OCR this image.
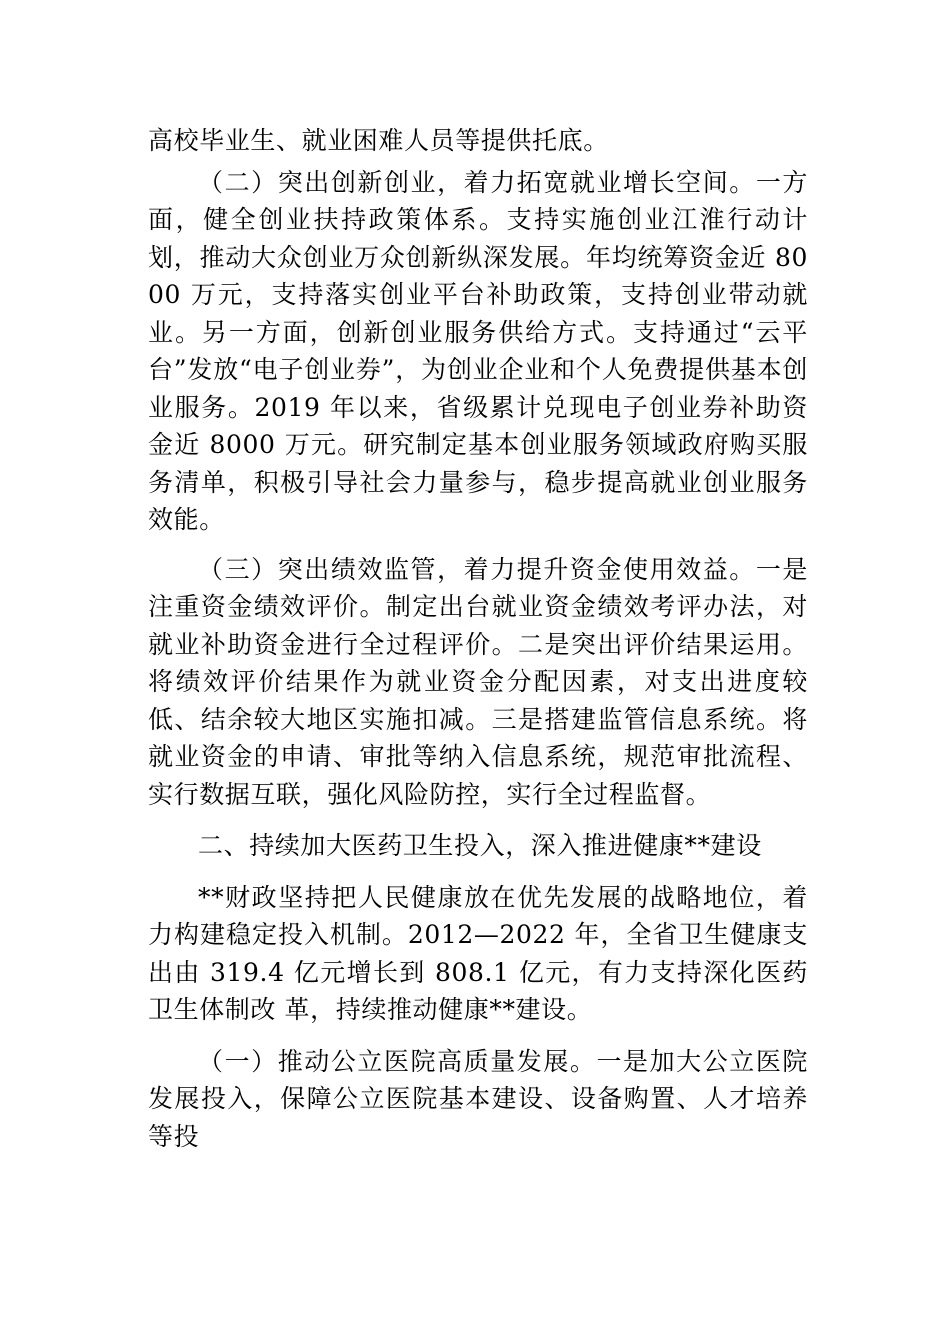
高校毕业生、就业困难人员等提供托底。

（二）突出创新创业，着力拓宽就业增长空间。一方面，健全创业扶持政策体系。支持实施创业江淮行动计划，推动大众创业万众创新纵深发展。年均统筹资金近 8000 万元，支持落实创业平台补助政策，支持创业带动就业。另一方面，创新创业服务供给方式。支持通过“云平台”发放“电子创业券”，为创业企业和个人免费提供基本创业服务。2019 年以来，省级累计兑现电子创业券补助资金近 8000 万元。研究制定基本创业服务领域政府购买服务清单，积极引导社会力量参与，稳步提高就业创业服务效能。

（三）突出绩效监管，着力提升资金使用效益。一是注重资金绩效评价。制定出台就业资金绩效考评办法，对就业补助资金进行全过程评价。二是突出评价结果运用。将绩效评价结果作为就业资金分配因素，对支出进度较低、结余较大地区实施扣减。三是搭建监管信息系统。将就业资金的申请、审批等纳入信息系统，规范审批流程、实行数据互联，强化风险防控，实行全过程监督。

二、持续加大医药卫生投入，深入推进健康**建设

**财政坚持把人民健康放在优先发展的战略地位，着力构建稳定投入机制。2012—2022 年，全省卫生健康支出由 319.4 亿元增长到 808.1 亿元，有力支持深化医药卫生体制改 革，持续推动健康**建设。

（一）推动公立医院高质量发展。一是加大公立医院发展投入，保障公立医院基本建设、设备购置、人才培养等投
